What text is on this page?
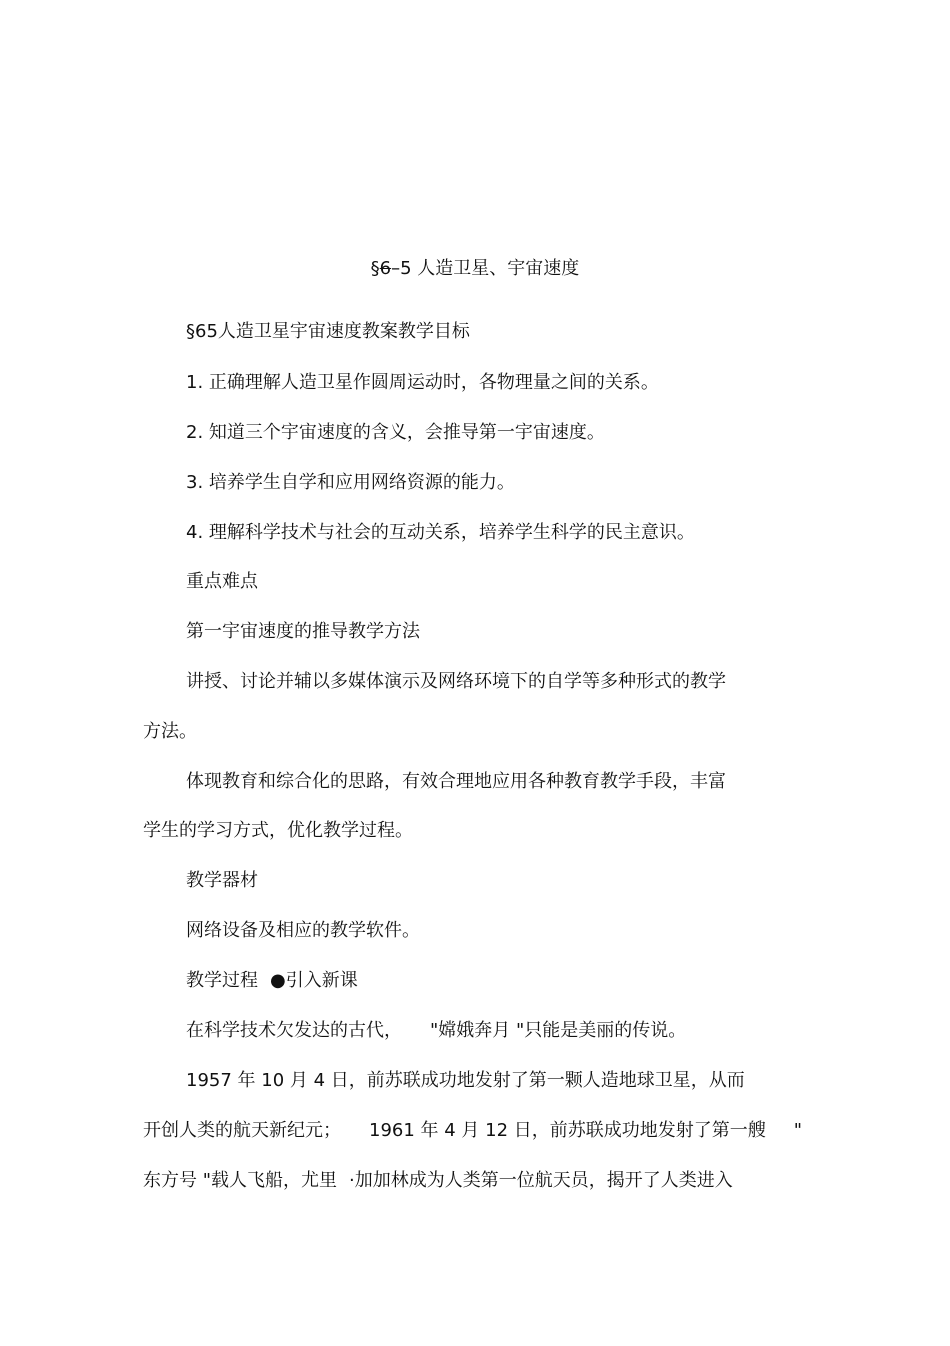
§6–5 人造卫星、宇宙速度
§65人造卫星宇宙速度教案教学目标
1. 正确理解人造卫星作圆周运动时，各物理量之间的关系。
2. 知道三个宇宙速度的含义，会推导第一宇宙速度。
3. 培养学生自学和应用网络资源的能力。
4. 理解科学技术与社会的互动关系，培养学生科学的民主意识。
重点难点
第一宇宙速度的推导教学方法
讲授、讨论并辅以多媒体演示及网络环境下的自学等多种形式的教学
方法。
体现教育和综合化的思路，有效合理地应用各种教育教学手段，丰富
学生的学习方式，优化教学过程。
教学器材
网络设备及相应的教学软件。
教学过程 ●引入新课
在科学技术欠发达的古代， "嫦娥奔月 "只能是美丽的传说。
1957 年 10 月 4 日，前苏联成功地发射了第一颗人造地球卫星，从而
开创人类的航天新纪元； 1961 年 4 月 12 日，前苏联成功地发射了第一艘 "
东方号 "载人飞船，尤里 ·加加林成为人类第一位航天员，揭开了人类进入
